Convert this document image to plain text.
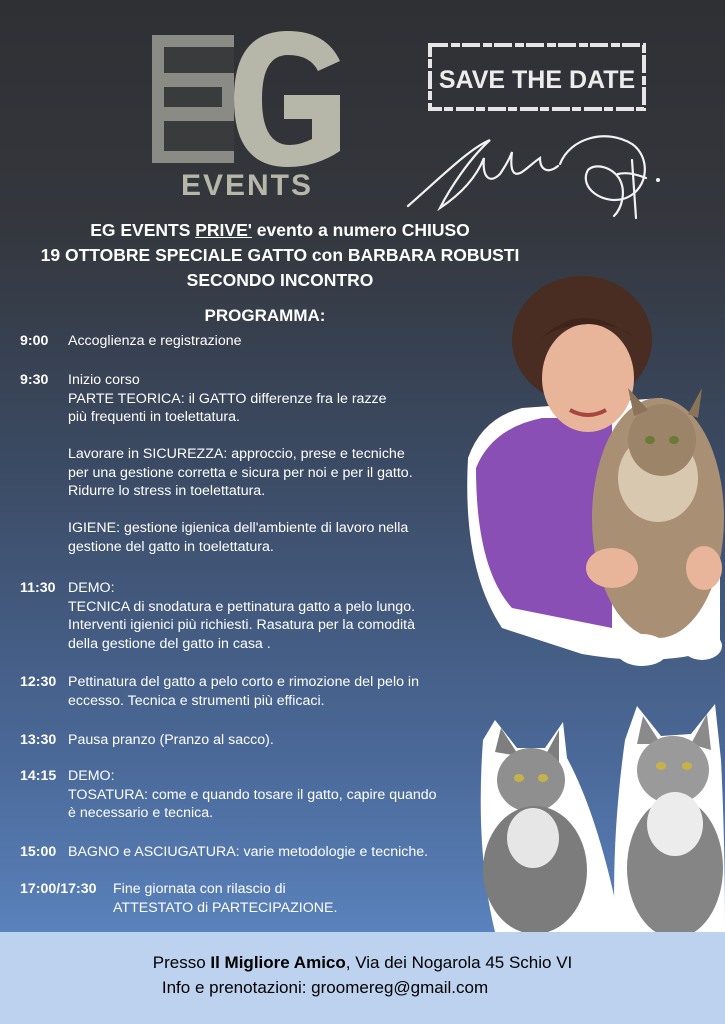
EVENTS
SAVE THE DATE
EG EVENTS PRIVE' evento a numero CHIUSO
19 OTTOBRE SPECIALE GATTO con BARBARA ROBUSTI
SECONDO INCONTRO
PROGRAMMA:
9:00 Accoglienza e registrazione
9:30 Inizio corso
PARTE TEORICA: il GATTO differenze fra le razze
più frequenti in toelettatura.
Lavorare in SICUREZZA: approccio, prese e tecniche
per una gestione corretta e sicura per noi e per il gatto.
Ridurre lo stress in toelettatura.
IGIENE: gestione igienica dell'ambiente di lavoro nella
gestione del gatto in toelettatura.
11:30 DEMO:
TECNICA di snodatura e pettinatura gatto a pelo lungo.
Interventi igienici più richiesti. Rasatura per la comodità
della gestione del gatto in casa .
12:30 Pettinatura del gatto a pelo corto e rimozione del pelo in
eccesso. Tecnica e strumenti più efficaci.
13:30 Pausa pranzo (Pranzo al sacco).
14:15 DEMO:
TOSATURA: come e quando tosare il gatto, capire quando
è necessario e tecnica.
15:00 BAGNO e ASCIUGATURA: varie metodologie e tecniche.
17:00/17:30 Fine giornata con rilascio di
ATTESTATO di PARTECIPAZIONE.
Presso Il Migliore Amico, Via dei Nogarola 45 Schio VI
Info e prenotazioni: groomereg@gmail.com
